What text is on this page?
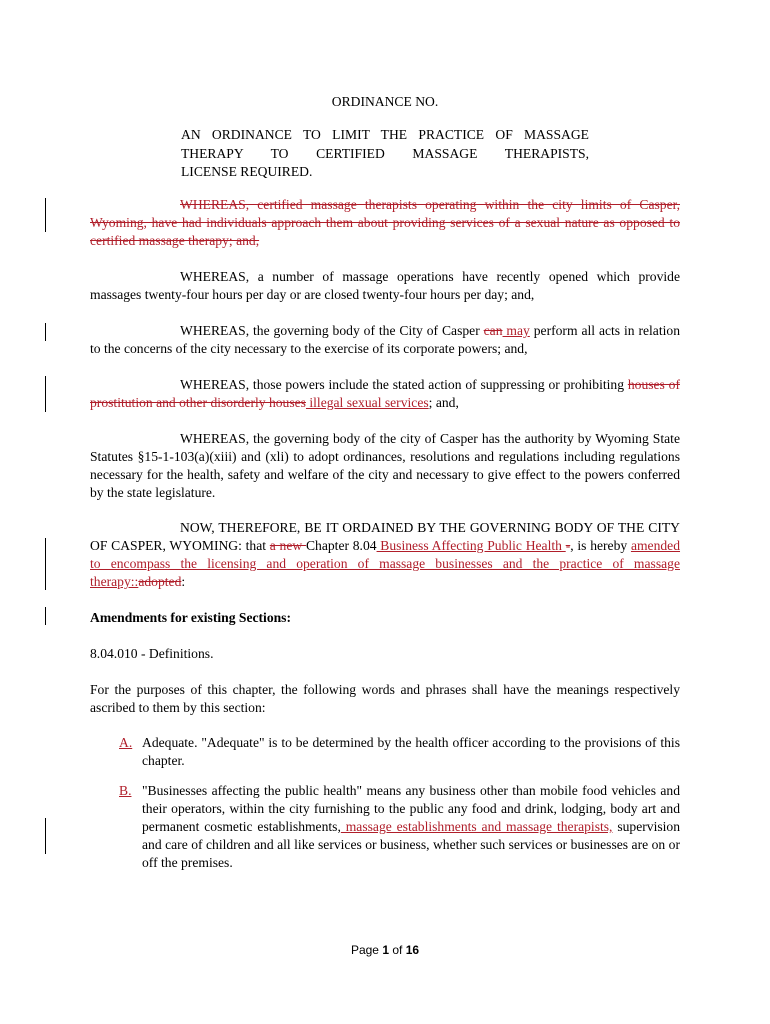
ORDINANCE NO.
AN ORDINANCE TO LIMIT THE PRACTICE OF MASSAGE
THERAPY TO CERTIFIED MASSAGE THERAPISTS,
LICENSE REQUIRED.

WHEREAS, certified massage therapists operating within the city limits of Casper, Wyoming, have had individuals approach them about providing services of a sexual nature as opposed to certified massage therapy; and,

WHEREAS, a number of massage operations have recently opened which provide massages twenty-four hours per day or are closed twenty-four hours per day; and,

WHEREAS, the governing body of the City of Casper can may perform all acts in relation to the concerns of the city necessary to the exercise of its corporate powers; and,

WHEREAS, those powers include the stated action of suppressing or prohibiting houses of prostitution and other disorderly houses illegal sexual services; and,

WHEREAS, the governing body of the city of Casper has the authority by Wyoming State Statutes §15-1-103(a)(xiii) and (xli) to adopt ordinances, resolutions and regulations including regulations necessary for the health, safety and welfare of the city and necessary to give effect to the powers conferred by the state legislature.

NOW, THEREFORE, BE IT ORDAINED BY THE GOVERNING BODY OF THE CITY OF CASPER, WYOMING: that a new Chapter 8.04 Business Affecting Public Health -, is hereby amended to encompass the licensing and operation of massage businesses and the practice of massage therapy::adopted:

Amendments for existing Sections:
8.04.010 - Definitions.

For the purposes of this chapter, the following words and phrases shall have the meanings respectively ascribed to them by this section:

A. Adequate. "Adequate" is to be determined by the health officer according to the provisions of this chapter.

B. "Businesses affecting the public health" means any business other than mobile food vehicles and their operators, within the city furnishing to the public any food and drink, lodging, body art and permanent cosmetic establishments, massage establishments and massage therapists, supervision and care of children and all like services or business, whether such services or businesses are on or off the premises.

Page 1 of 16
